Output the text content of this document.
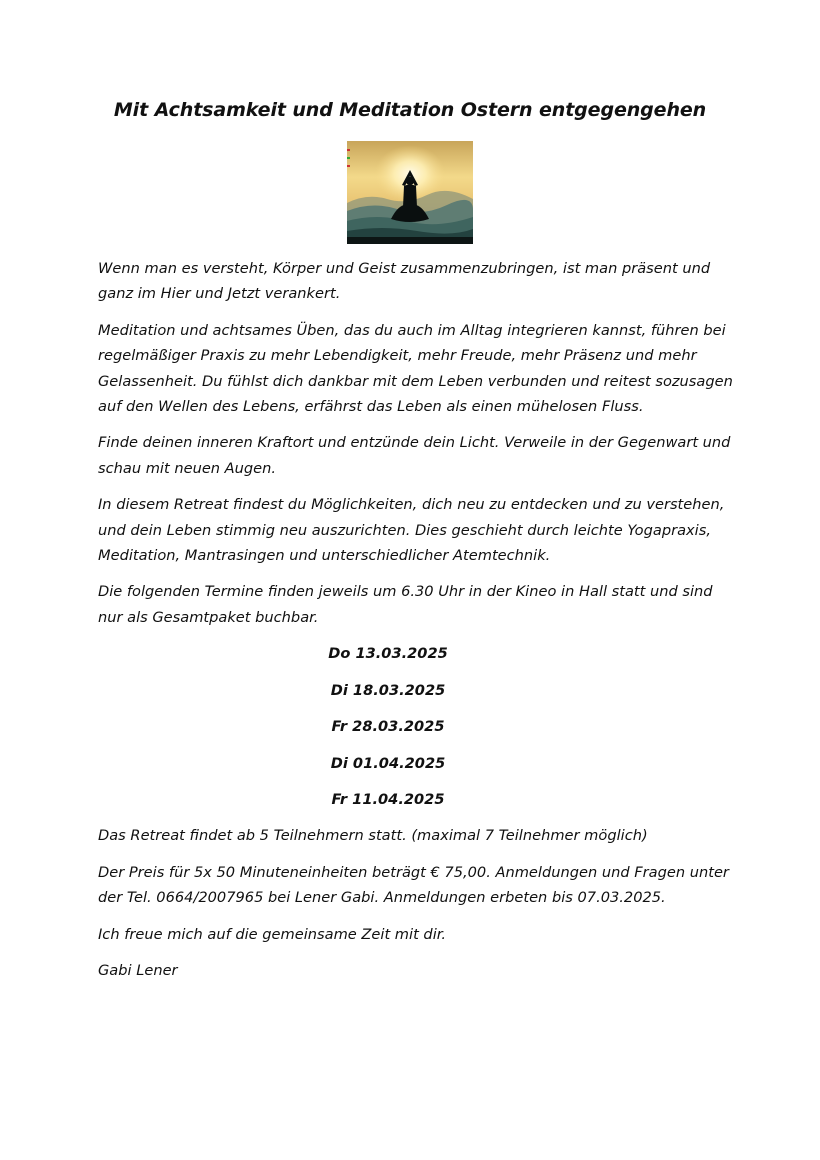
Mit Achtsamkeit und Meditation Ostern entgegengehen

Wenn man es versteht, Körper und Geist zusammenzubringen, ist man präsent und ganz im Hier und Jetzt verankert.

Meditation und achtsames Üben, das du auch im Alltag integrieren kannst, führen bei regelmäßiger Praxis zu mehr Lebendigkeit, mehr Freude, mehr Präsenz und mehr Gelassenheit. Du fühlst dich dankbar mit dem Leben verbunden und reitest sozusagen auf den Wellen des Lebens, erfährst das Leben als einen mühelosen Fluss.

Finde deinen inneren Kraftort und entzünde dein Licht. Verweile in der Gegenwart und schau mit neuen Augen.

In diesem Retreat findest du Möglichkeiten, dich neu zu entdecken und zu verstehen, und dein Leben stimmig neu auszurichten. Dies geschieht durch leichte Yogapraxis, Meditation, Mantrasingen und unterschiedlicher Atemtechnik.

Die folgenden Termine finden jeweils um 6.30 Uhr in der Kineo in Hall statt und sind nur als Gesamtpaket buchbar.

Do 13.03.2025
Di 18.03.2025
Fr 28.03.2025
Di 01.04.2025
Fr 11.04.2025

Das Retreat findet ab 5 Teilnehmern statt. (maximal 7 Teilnehmer möglich)

Der Preis für 5x 50 Minuteneinheiten beträgt € 75,00. Anmeldungen und Fragen unter der Tel. 0664/2007965 bei Lener Gabi. Anmeldungen erbeten bis 07.03.2025.

Ich freue mich auf die gemeinsame Zeit mit dir.

Gabi Lener
